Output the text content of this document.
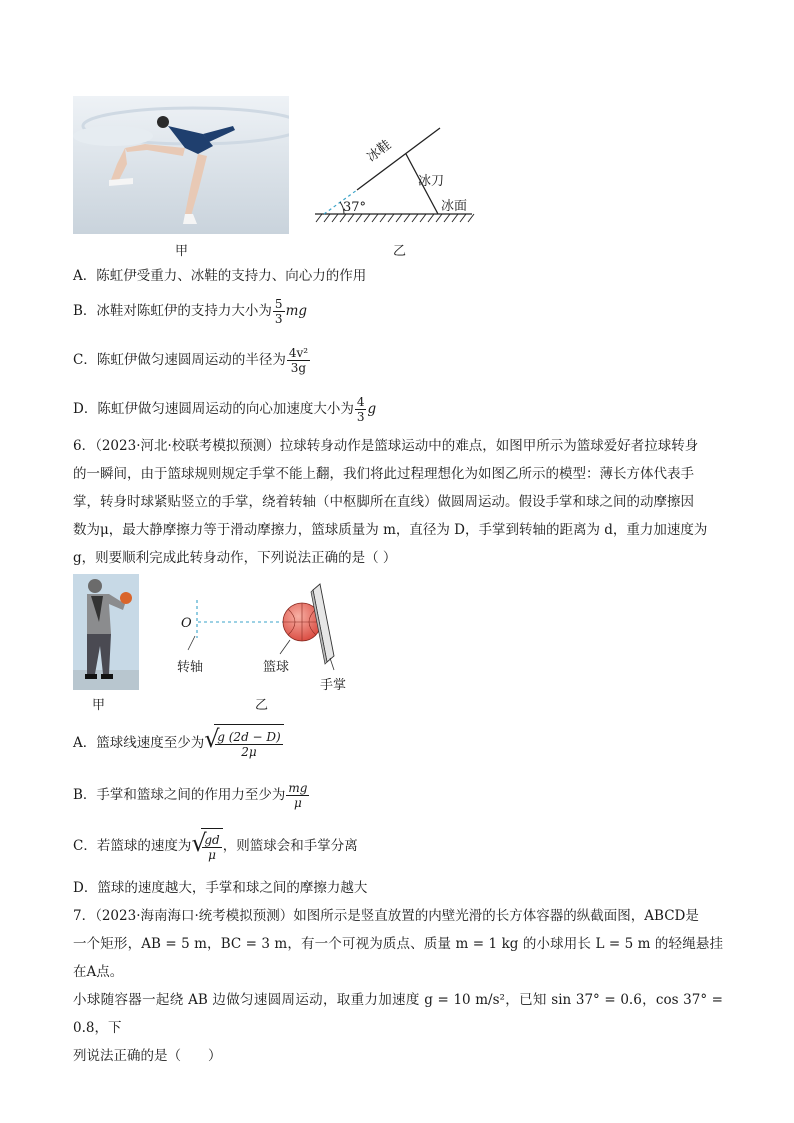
甲
冰鞋
冰刀
冰面
37°
乙
A．陈虹伊受重力、冰鞋的支持力、向心力的作用
B．冰鞋对陈虹伊的支持力大小为 $\frac{5}{3}$ mg
C．陈虹伊做匀速圆周运动的半径为 $\frac{\text{4v²}}{3g}$
D．陈虹伊做匀速圆周运动的向心加速度大小为 $\frac{4}{3}$ g
6．（2023·河北·校联考模拟预测）拉球转身动作是篮球运动中的难点，如图甲所示为篮球爱好者拉球转身
的一瞬间，由于篮球规则规定手掌不能上翻，我们将此过程理想化为如图乙所示的模型：薄长方体代表手
掌，转身时球紧贴竖立的手掌，绕着转轴（中枢脚所在直线）做圆周运动。假设手掌和球之间的动摩擦因
数为μ，最大静摩擦力等于滑动摩擦力，篮球质量为 m，直径为 D，手掌到转轴的距离为 d，重力加速度为
g，则要顺利完成此转身动作，下列说法正确的是（ ）
甲
O
转轴	篮球
手掌
乙
A．篮球线速度至少为 √
$\frac{g (2d - D)}{2\mu}$
B．手掌和篮球之间的作用力至少为 $\frac{mg}{\mu}$
C．若篮球的速度为 √
$\frac{gd}{\mu}$ ，则篮球会和手掌分离
D．篮球的速度越大，手掌和球之间的摩擦力越大
7．（2023·海南海口·统考模拟预测）如图所示是竖直放置的内壁光滑的长方体容器的纵截面图，ABCD是
一个矩形，AB = 5 m，BC = 3 m，有一个可视为质点、质量 m = 1 kg 的小球用长 L = 5 m 的轻绳悬挂在A点。
小球随容器一起绕 AB 边做匀速圆周运动，取重力加速度 g = 10 m/s²，已知 sin 37° = 0.6，cos 37° = 0.8，下
列说法正确的是（　　）
